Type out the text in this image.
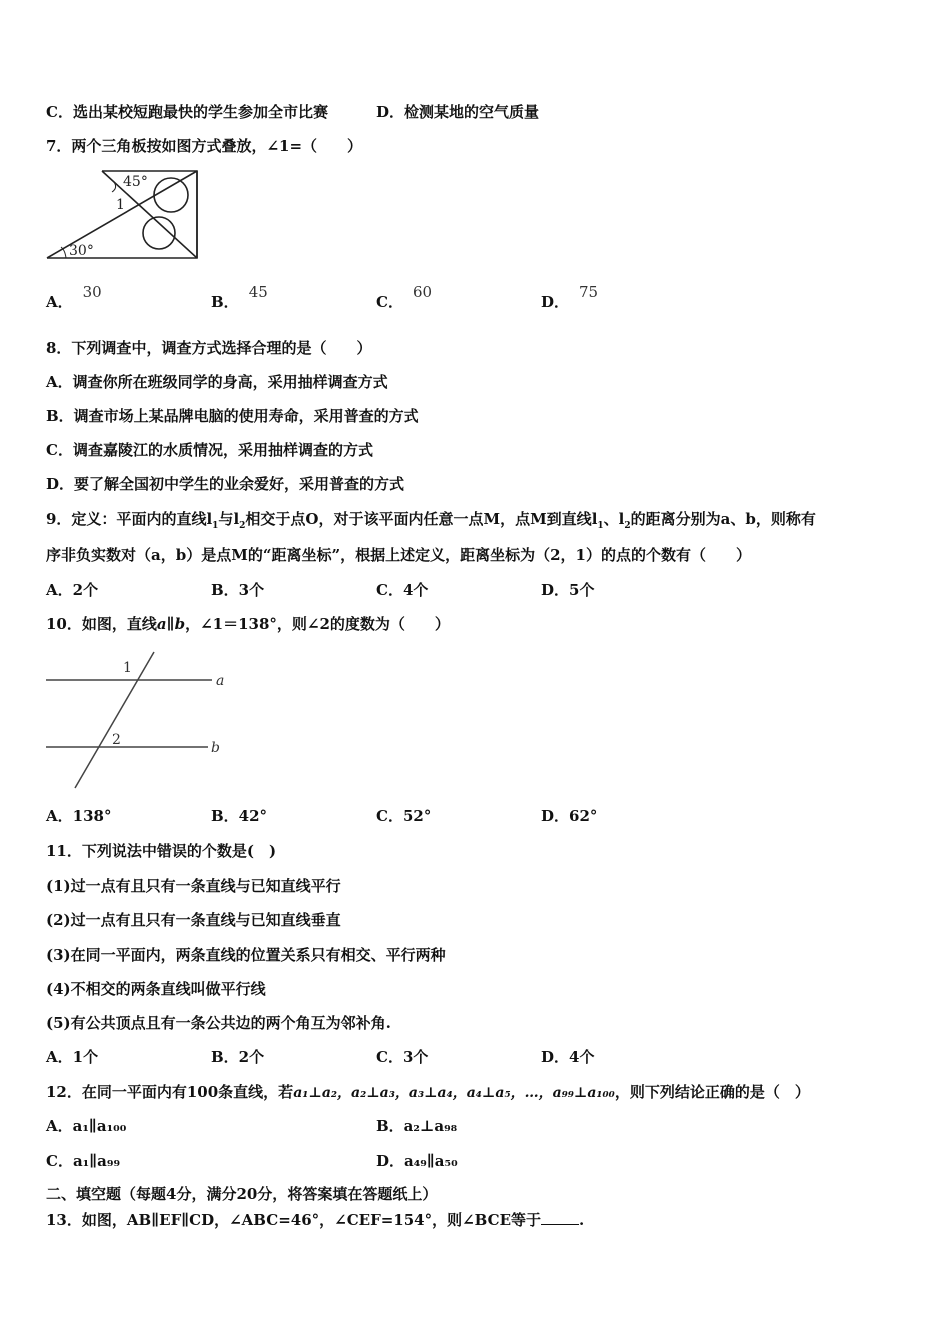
C．选出某校短跑最快的学生参加全市比赛	D．检测某地的空气质量
7．两个三角板按如图方式叠放，∠1=（　　）
45°
1
30°
A．30
B．45
C．60
D．75
8．下列调查中，调查方式选择合理的是（　　）
A．调查你所在班级同学的身高，采用抽样调查方式
B．调查市场上某品牌电脑的使用寿命，采用普查的方式
C．调查嘉陵江的水质情况，采用抽样调查的方式
D．要了解全国初中学生的业余爱好，采用普查的方式
9．定义：平面内的直线$l_1$与$l_2$相交于点O，对于该平面内任意一点M，点M到直线$l_1$、$l_2$的距离分别为a、b，则称有
序非负实数对（a，b）是点M的“距离坐标”，根据上述定义，距离坐标为（2，1）的点的个数有（　　）
A．2个	B．3个	C．4个	D．5个
10．如图，直线a∥b，∠1＝138°，则∠2的度数为（　　）
1
2
a
b
A．138°	B．42°	C．52°	D．62°
11．下列说法中错误的个数是(　)
(1)过一点有且只有一条直线与已知直线平行
(2)过一点有且只有一条直线与已知直线垂直
(3)在同一平面内，两条直线的位置关系只有相交、平行两种
(4)不相交的两条直线叫做平行线
(5)有公共顶点且有一条公共边的两个角互为邻补角.
A．1个	B．2个	C．3个	D．4个
12．在同一平面内有100条直线，若a₁⊥a₂，a₂⊥a₃，a₃⊥a₄，a₄⊥a₅，…，a₉₉⊥a₁₀₀，则下列结论正确的是（　）
A．a₁∥a₁₀₀	B．a₂⊥a₉₈
C．a₁∥a₉₉	D．a₄₉∥a₅₀
二、填空题（每题4分，满分20分，将答案填在答题纸上）
13．如图，AB∥EF∥CD，∠ABC=46°，∠CEF=154°，则∠BCE等于	.
